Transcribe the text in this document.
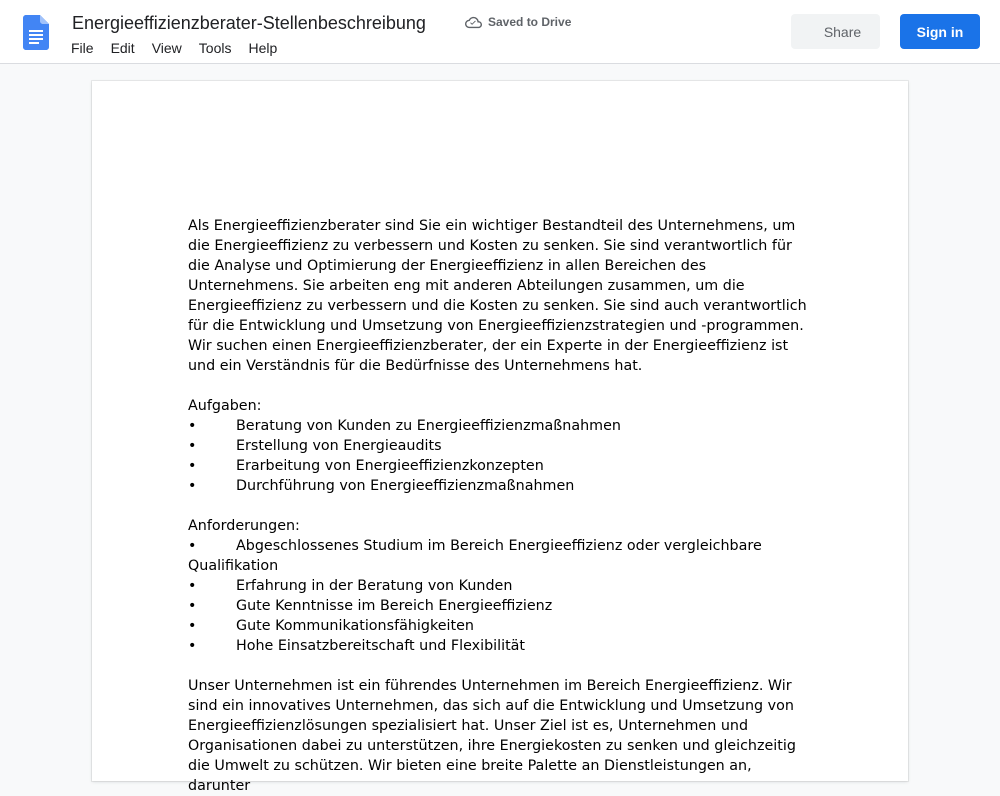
Energieeffizienzberater-Stellenbeschreibung	Saved to Drive
File Edit View Tools Help
Share	Sign in

Als Energieeffizienzberater sind Sie ein wichtiger Bestandteil des Unternehmens, um die Energieeffizienz zu verbessern und Kosten zu senken. Sie sind verantwortlich für die Analyse und Optimierung der Energieeffizienz in allen Bereichen des Unternehmens. Sie arbeiten eng mit anderen Abteilungen zusammen, um die Energieeffizienz zu verbessern und die Kosten zu senken. Sie sind auch verantwortlich für die Entwicklung und Umsetzung von Energieeffizienzstrategien und -programmen. Wir suchen einen Energieeffizienzberater, der ein Experte in der Energieeffizienz ist und ein Verständnis für die Bedürfnisse des Unternehmens hat.

Aufgaben:

•	Beratung von Kunden zu Energieeffizienzmaßnahmen
•	Erstellung von Energieaudits
•	Erarbeitung von Energieeffizienzkonzepten
•	Durchführung von Energieeffizienzmaßnahmen

Anforderungen:

•	Abgeschlossenes Studium im Bereich Energieeffizienz oder vergleichbare

Qualifikation

•	Erfahrung in der Beratung von Kunden
•	Gute Kenntnisse im Bereich Energieeffizienz
•	Gute Kommunikationsfähigkeiten
•	Hohe Einsatzbereitschaft und Flexibilität

Unser Unternehmen ist ein führendes Unternehmen im Bereich Energieeffizienz. Wir sind ein innovatives Unternehmen, das sich auf die Entwicklung und Umsetzung von Energieeffizienzlösungen spezialisiert hat. Unser Ziel ist es, Unternehmen und Organisationen dabei zu unterstützen, ihre Energiekosten zu senken und gleichzeitig die Umwelt zu schützen. Wir bieten eine breite Palette an Dienstleistungen an, darunter
